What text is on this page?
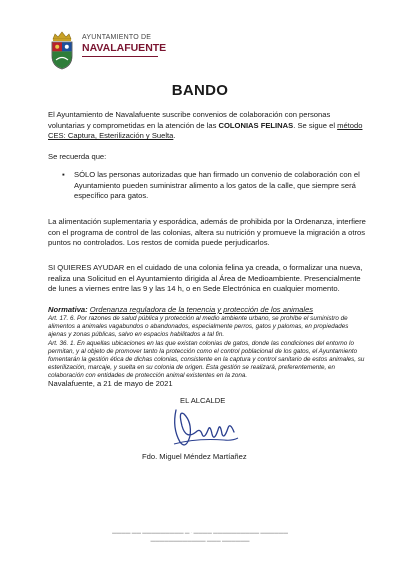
AYUNTAMIENTO DE
NAVALAFUENTE
BANDO
El Ayuntamiento de Navalafuente suscribe convenios de colaboración con personas voluntarias y comprometidas en la atención de las COLONIAS FELINAS. Se sigue el método CES: Captura, Esterilización y Suelta.
Se recuerda que:
▪	SÓLO las personas autorizadas que han firmado un convenio de colaboración con el Ayuntamiento pueden suministrar alimento a los gatos de la calle, que siempre será específico para gatos.
La alimentación suplementaria y esporádica, además de prohibida por la Ordenanza, interfiere con el programa de control de las colonias, altera su nutrición y promueve la migración a otros puntos no controlados. Los restos de comida puede perjudicarlos.
SI QUIERES AYUDAR en el cuidado de una colonia felina ya creada, o formalizar una nueva, realiza una Solicitud en el Ayuntamiento dirigida al Área de Medioambiente. Presencialmente de lunes a viernes entre las 9 y las 14 h, o en Sede Electrónica en cualquier momento.
Normativa: Ordenanza reguladora de la tenencia y protección de los animales
Art. 17. 6. Por razones de salud pública y protección al medio ambiente urbano, se prohíbe el suministro de alimentos a animales vagabundos o abandonados, especialmente perros, gatos y palomas, en propiedades ajenas y zonas públicas, salvo en espacios habilitados a tal fin.
Art. 36. 1. En aquellas ubicaciones en las que existan colonias de gatos, donde las condiciones del entorno lo permitan, y al objeto de promover tanto la protección como el control poblacional de los gatos, el Ayuntamiento fomentarán la gestión ética de dichas colonias, consistente en la captura y control sanitario de estos animales, su esterilización, marcaje, y suelta en su colonia de origen. Esta gestión se realizará, preferentemente, en colaboración con entidades de protección animal existentes en la zona.
Navalafuente, a 21 de mayo de 2021
EL ALCALDE
Fdo. Miguel Méndez Martíañez
▬▬▬▬ ▬▬ ▬▬▬▬▬▬▬▬▬ ▬ · ▬▬▬▬ ▬▬▬▬▬▬▬▬▬▬ ▬▬▬▬▬▬
▬▬▬▬▬▬▬▬▬▬▬▬ ▬▬▬ ▬▬▬▬▬▬
